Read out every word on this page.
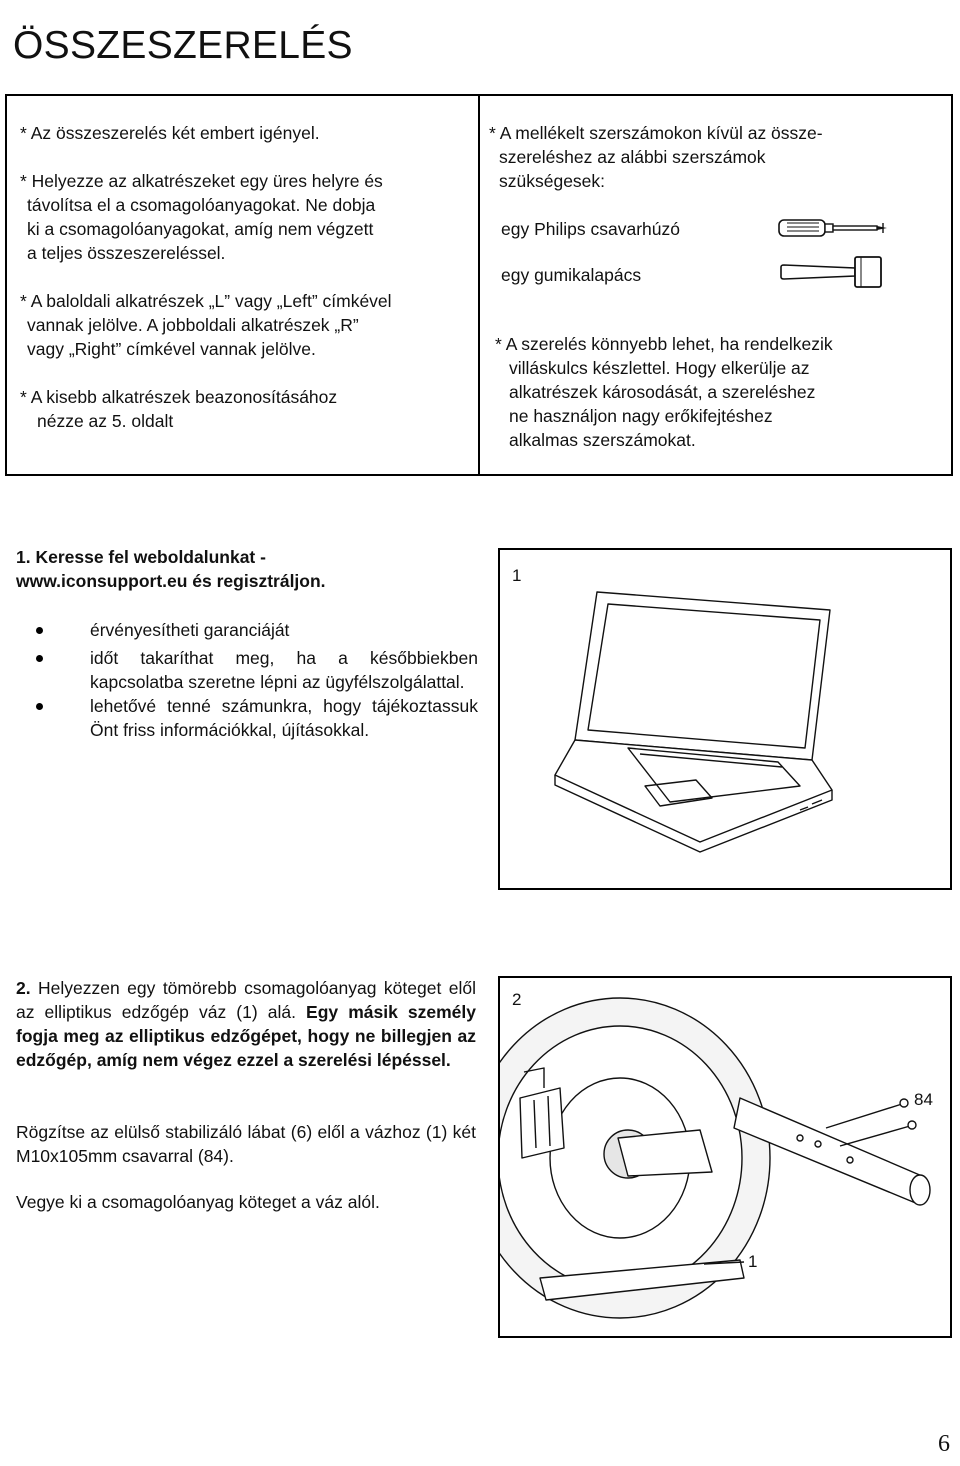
ÖSSZESZERELÉS

* Az összeszerelés két embert igényel.

* Helyezze az alkatrészeket egy üres helyre és

távolítsa el a csomagolóanyagokat. Ne dobja

ki a csomagolóanyagokat, amíg nem végzett

a teljes összeszereléssel.

* A baloldali alkatrészek „L” vagy „Left” címkével

vannak jelölve. A jobboldali alkatrészek „R”

vagy „Right” címkével vannak jelölve.

* A kisebb alkatrészek beazonosításához

nézze az 5. oldalt

* A mellékelt szerszámokon kívül az össze-

szereléshez az alábbi szerszámok

szükségesek:

egy Philips csavarhúzó

egy gumikalapács

* A szerelés könnyebb lehet, ha rendelkezik

villáskulcs készlettel. Hogy elkerülje az

alkatrészek károsodását, a szereléshez

ne használjon nagy erőkifejtéshez

alkalmas szerszámokat.

1. Keresse fel weboldalunkat -

www.iconsupport.eu és regisztráljon.

érvényesítheti garanciáját
időt takaríthat meg, ha a későbbiekben kapcsolatba szeretne lépni az ügyfélszolgálattal.
lehetővé tenné számunkra, hogy tájékoztassuk Önt friss információkkal, újításokkal.
1

2. Helyezzen egy tömörebb csomagolóanyag köteget elől az elliptikus edzőgép váz (1) alá. Egy másik személy fogja meg az elliptikus edzőgépet, hogy ne billegjen az edzőgép, amíg nem végez ezzel a szerelési lépéssel.

Rögzítse az elülső stabilizáló lábat (6) elől a vázhoz (1) két M10x105mm csavarral (84).

Vegye ki a csomagolóanyag köteget a váz alól.

2
84
1
6
